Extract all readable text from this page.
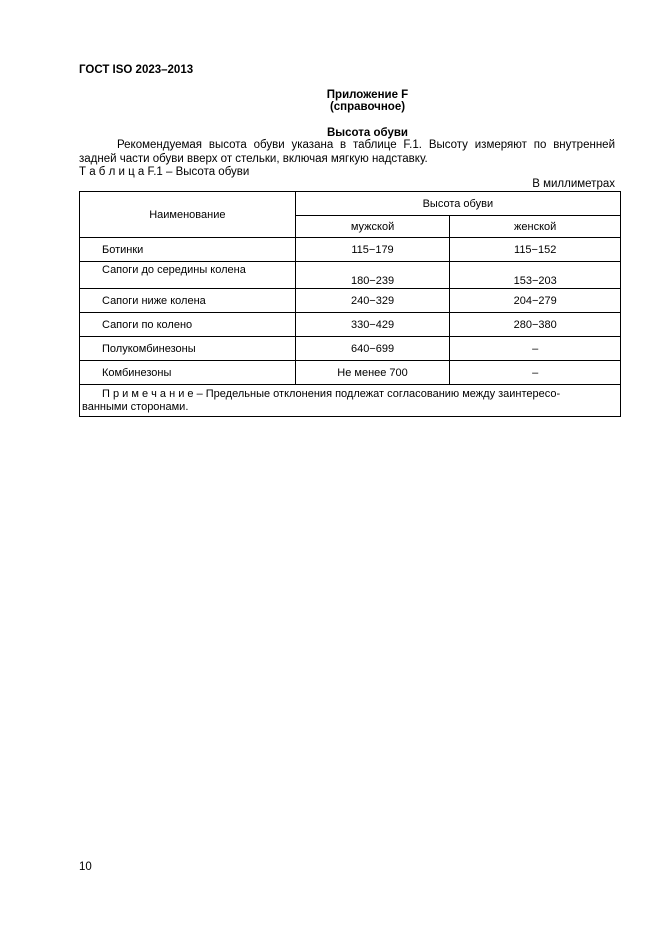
ГОСТ ISO 2023–2013
Приложение F
(справочное)
Высота обуви
Рекомендуемая высота обуви указана в таблице F.1. Высоту измеряют по внутренней задней части обуви вверх от стельки, включая мягкую надставку.
Т а б л и ц а F.1 – Высота обуви
В миллиметрах
Наименование	Высота обуви	
	мужской	женской
Ботинки	115−179	115−152
Сапоги до середины колена	180−239	153−203
Сапоги ниже колена	240−329	204−279
Сапоги по колено	330−429	280−380
Полукомбинезоны	640−699	–
Комбинезоны	Не менее 700	–
П р и м е ч а н и е – Предельные отклонения подлежат согласованию между заинтересо-ванными сторонами.		
10
